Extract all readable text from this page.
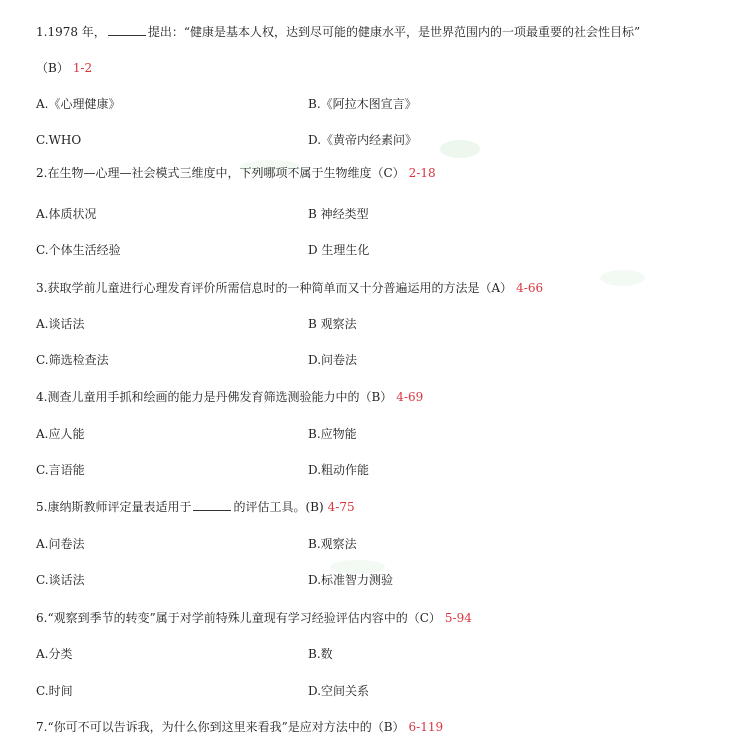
1.1978 年，	提出：“健康是基本人权，达到尽可能的健康水平，是世界范围内的一项最重要的社会性目标”
（B） 1-2
A.《心理健康》	B.《阿拉木图宣言》
C.WHO	D.《黄帝内经素问》
2.在生物—心理—社会模式三维度中，下列哪项不属于生物维度（C） 2-18
A.体质状况	B 神经类型
C.个体生活经验	D 生理生化
3.获取学前儿童进行心理发育评价所需信息时的一种简单而又十分普遍运用的方法是（A） 4-66
A.谈话法	B 观察法
C.筛选检查法	D.问卷法
4.测查儿童用手抓和绘画的能力是丹佛发育筛选测验能力中的（B） 4-69
A.应人能	B.应物能
C.言语能	D.粗动作能
5.康纳斯教师评定量表适用于	的评估工具。(B) 4-75
A.问卷法	B.观察法
C.谈话法	D.标准智力测验
6.“观察到季节的转变”属于对学前特殊儿童现有学习经验评估内容中的（C） 5-94
A.分类	B.数
C.时间	D.空间关系
7.“你可不可以告诉我，为什么你到这里来看我”是应对方法中的（B） 6-119
